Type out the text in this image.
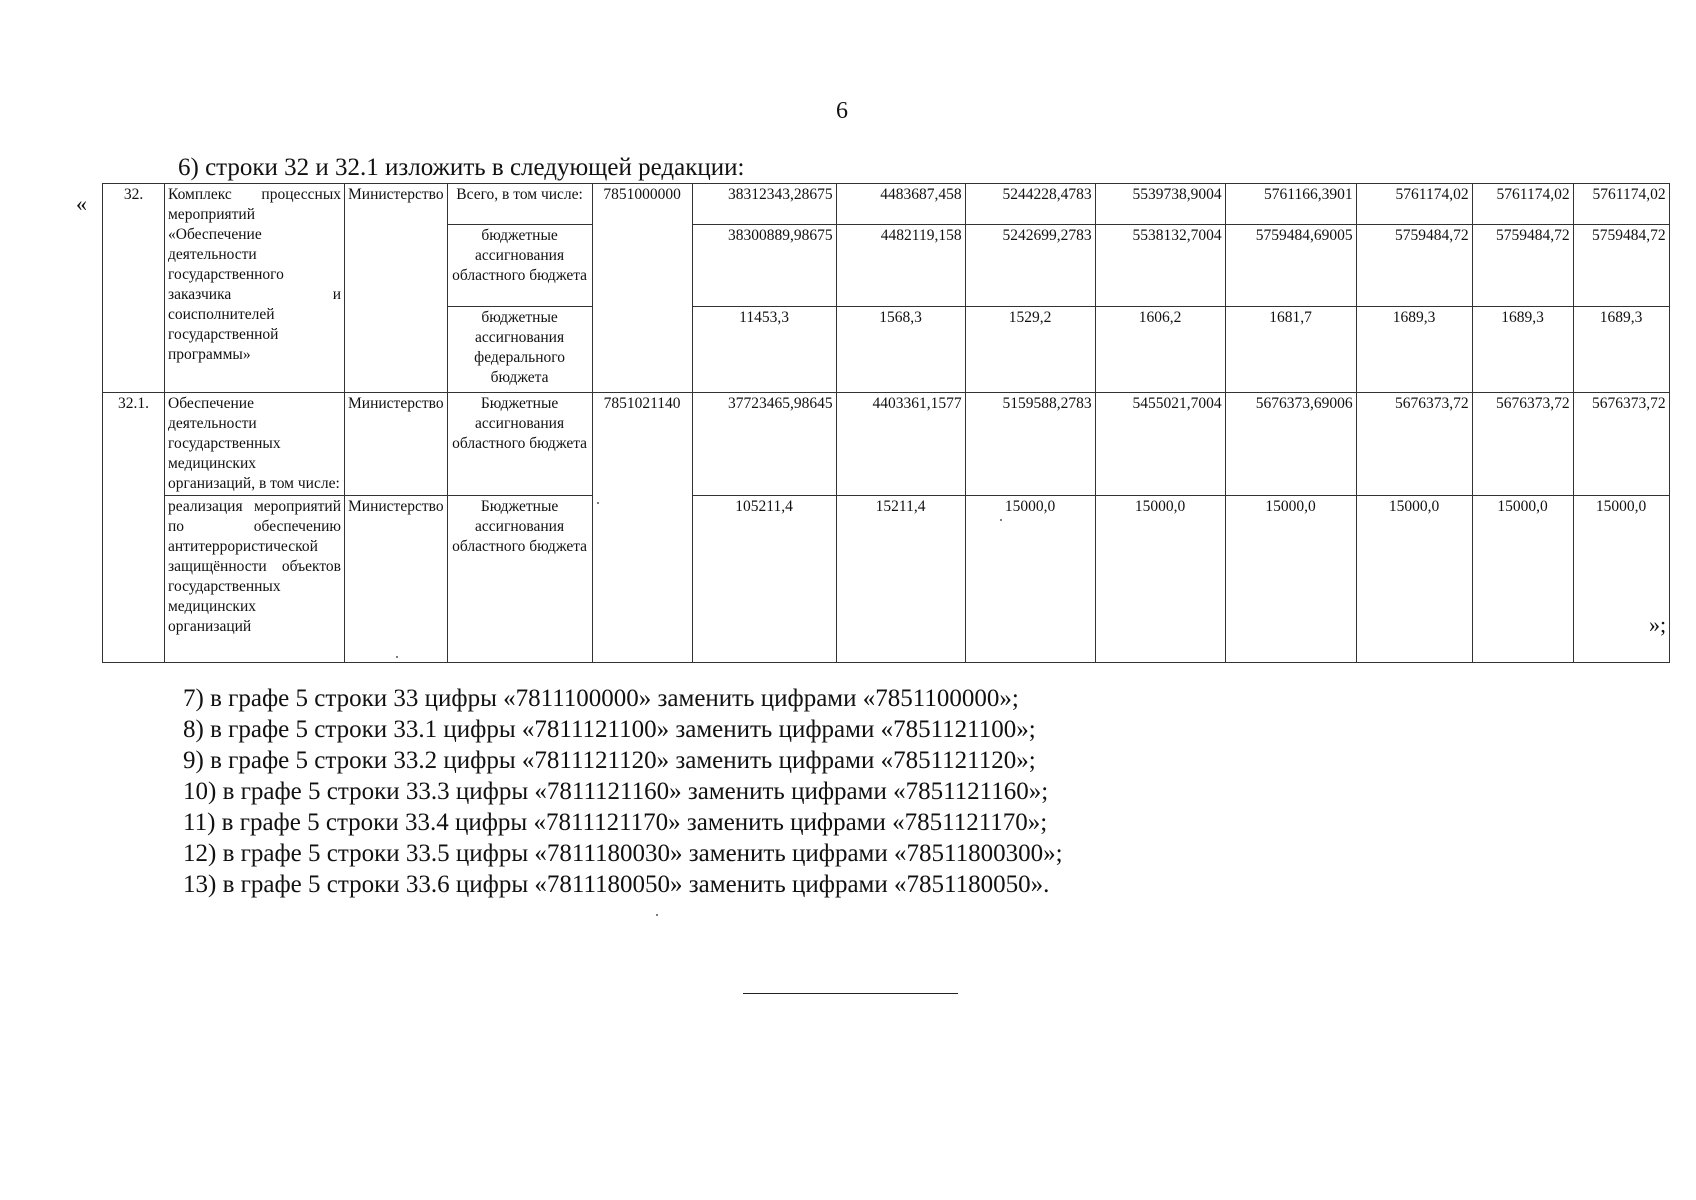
6
6) строки 32 и 32.1 изложить в следующей редакции:
«
»;
32.	Комплекс процессных мероприятий «Обеспечение деятельности государственного заказчика и соисполнителей государственной программы»	Министерство	Всего, в том числе:	7851000000	38312343,28675	4483687,458	5244228,4783	5539738,9004	5761166,3901	5761174,02	5761174,02	5761174,02
			бюджетные ассигнования областного бюджета		38300889,98675	4482119,158	5242699,2783	5538132,7004	5759484,69005	5759484,72	5759484,72	5759484,72
			бюджетные ассигнования федерального бюджета		11453,3	1568,3	1529,2	1606,2	1681,7	1689,3	1689,3	1689,3
32.1.	Обеспечение деятельности государственных медицинских организаций, в том числе:	Министерство	Бюджетные ассигнования областного бюджета	7851021140	37723465,98645	4403361,1577	5159588,2783	5455021,7004	5676373,69006	5676373,72	5676373,72	5676373,72
	реализация мероприятий по обеспечению антитеррористической защищённости объектов государственных медицинских организаций	Министерство	Бюджетные ассигнования областного бюджета		105211,4	15211,4	15000,0	15000,0	15000,0	15000,0	15000,0	15000,0
7) в графе 5 строки 33 цифры «7811100000» заменить цифрами «7851100000»;
8) в графе 5 строки 33.1 цифры «7811121100» заменить цифрами «7851121100»;
9) в графе 5 строки 33.2 цифры «7811121120» заменить цифрами «7851121120»;
10) в графе 5 строки 33.3 цифры «7811121160» заменить цифрами «7851121160»;
11) в графе 5 строки 33.4 цифры «7811121170» заменить цифрами «7851121170»;
12) в графе 5 строки 33.5 цифры «7811180030» заменить цифрами «78511800300»;
13) в графе 5 строки 33.6 цифры «7811180050» заменить цифрами «7851180050».
